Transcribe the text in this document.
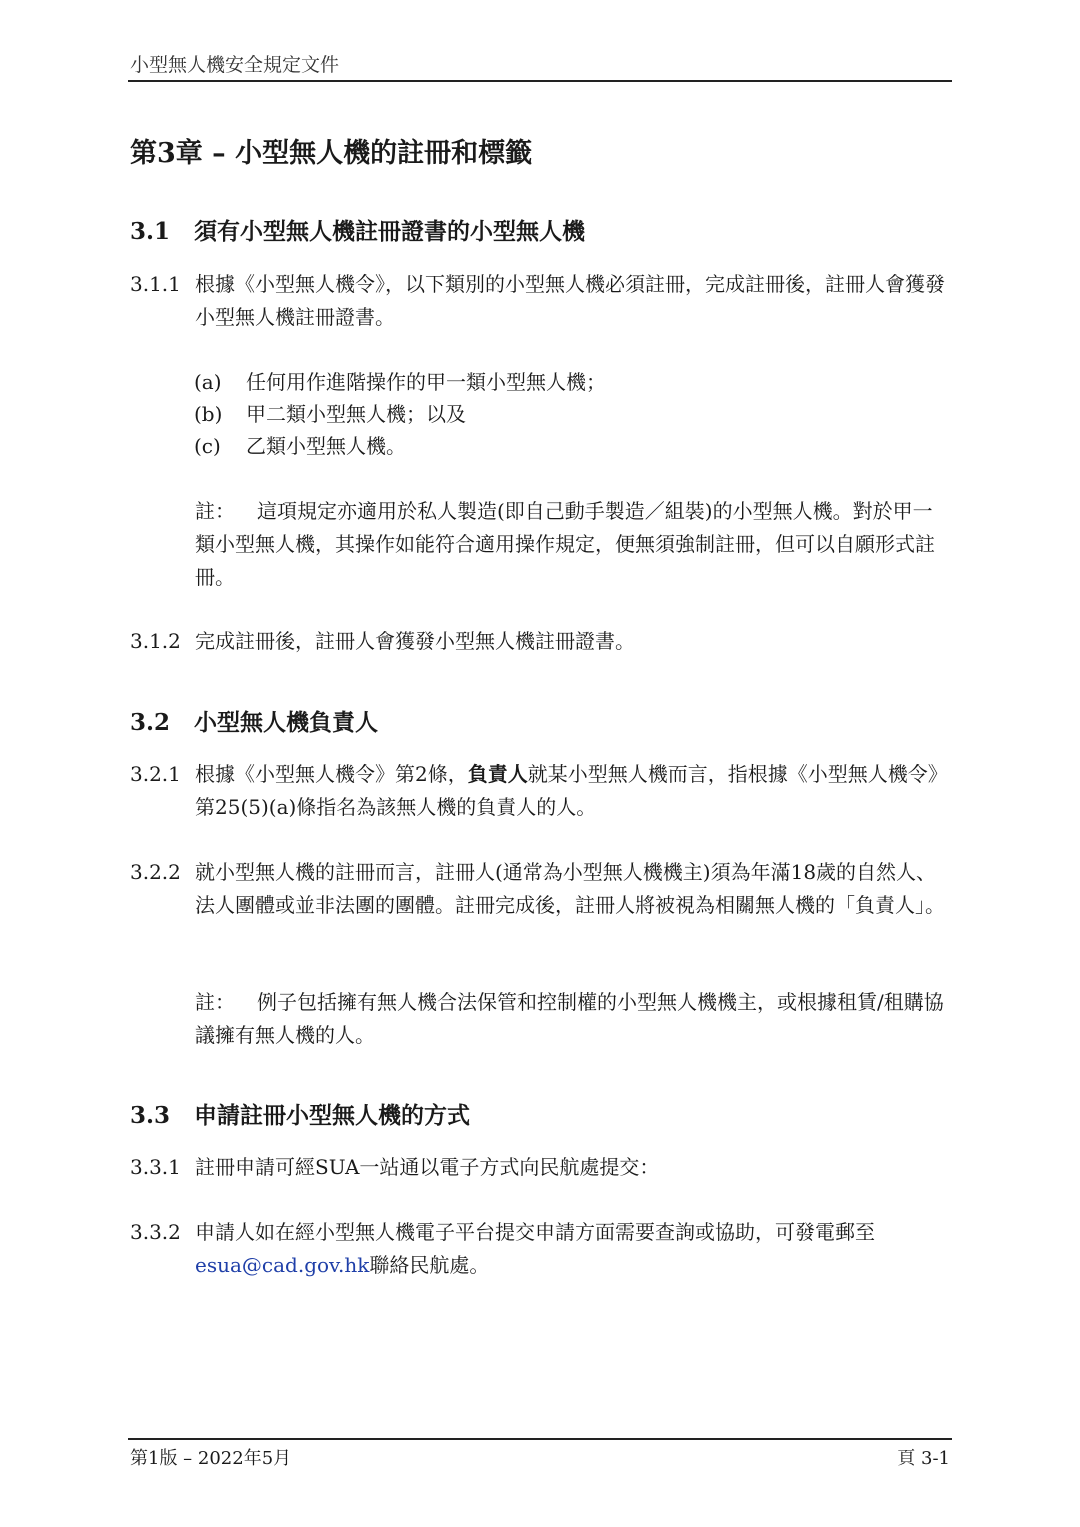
小型無人機安全規定文件
第3章 – 小型無人機的註冊和標籤
3.1 須有小型無人機註冊證書的小型無人機
3.1.1 根據《小型無人機令》，以下類別的小型無人機必須註冊，完成註冊後，註冊人會獲發小型無人機註冊證書。
(a) 任何用作進階操作的甲一類小型無人機；
(b) 甲二類小型無人機；以及
(c) 乙類小型無人機。
註： 這項規定亦適用於私人製造(即自己動手製造／組裝)的小型無人機。對於甲一類小型無人機，其操作如能符合適用操作規定，便無須強制註冊，但可以自願形式註冊。
3.1.2 完成註冊後，註冊人會獲發小型無人機註冊證書。
3.2 小型無人機負責人
3.2.1 根據《小型無人機令》第2條，負責人就某小型無人機而言，指根據《小型無人機令》第25(5)(a)條指名為該無人機的負責人的人。
3.2.2 就小型無人機的註冊而言，註冊人(通常為小型無人機機主)須為年滿18歲的自然人、法人團體或並非法團的團體。註冊完成後，註冊人將被視為相關無人機的「負責人」。
註： 例子包括擁有無人機合法保管和控制權的小型無人機機主，或根據租賃/租購協議擁有無人機的人。
3.3 申請註冊小型無人機的方式
3.3.1 註冊申請可經SUA一站通以電子方式向民航處提交：
3.3.2 申請人如在經小型無人機電子平台提交申請方面需要查詢或協助，可發電郵至esua@cad.gov.hk聯絡民航處。
第1版 – 2022年5月	頁 3-1
